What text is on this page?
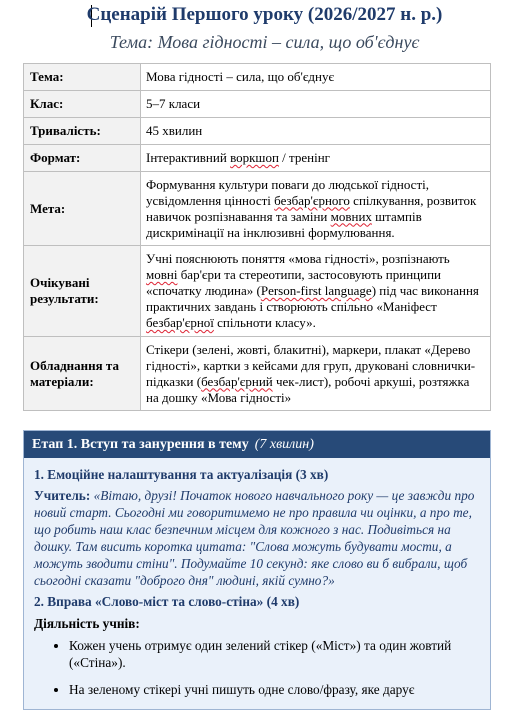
Сценарій Першого уроку (2026/2027 н. р.)
Тема: Мова гідності – сила, що об'єднує
Тема:	Мова гідності – сила, що об'єднує
Клас:	5–7 класи
Тривалість:	45 хвилин
Формат:	Інтерактивний воркшоп / тренінг
Мета:	Формування культури поваги до людської гідності, усвідомлення цінності безбар'єрного спілкування, розвиток навичок розпізнавання та заміни мовних штампів дискримінації на інклюзивні формулювання.
Очікувані результати:	Учні пояснюють поняття «мова гідності», розпізнають мовні бар'єри та стереотипи, застосовують принципи «спочатку людина» (Person-first language) під час виконання практичних завдань і створюють спільно «Маніфест безбар'єрної спільноти класу».
Обладнання та матеріали:	Стікери (зелені, жовті, блакитні), маркери, плакат «Дерево гідності», картки з кейсами для груп, друковані словнички-підказки (безбар'єрний чек-лист), робочі аркуші, розтяжка на дошку «Мова гідності»
Етап 1. Вступ та занурення в тему (7 хвилин)
1. Емоційне налаштування та актуалізація (3 хв)
Учитель: «Вітаю, друзі! Початок нового навчального року — це завжди про новий старт. Сьогодні ми говоритимемо не про правила чи оцінки, а про те, що робить наш клас безпечним місцем для кожного з нас. Подивіться на дошку. Там висить коротка цитата: "Слова можуть будувати мости, а можуть зводити стіни". Подумайте 10 секунд: яке слово ви б вибрали, щоб сьогодні сказати "доброго дня" людині, якій сумно?»
2. Вправа «Слово-міст та слово-стіна» (4 хв)
Діяльність учнів:
• Кожен учень отримує один зелений стікер («Міст») та один жовтий («Стіна»).
• На зеленому стікері учні пишуть одне слово/фразу, яке дарує
